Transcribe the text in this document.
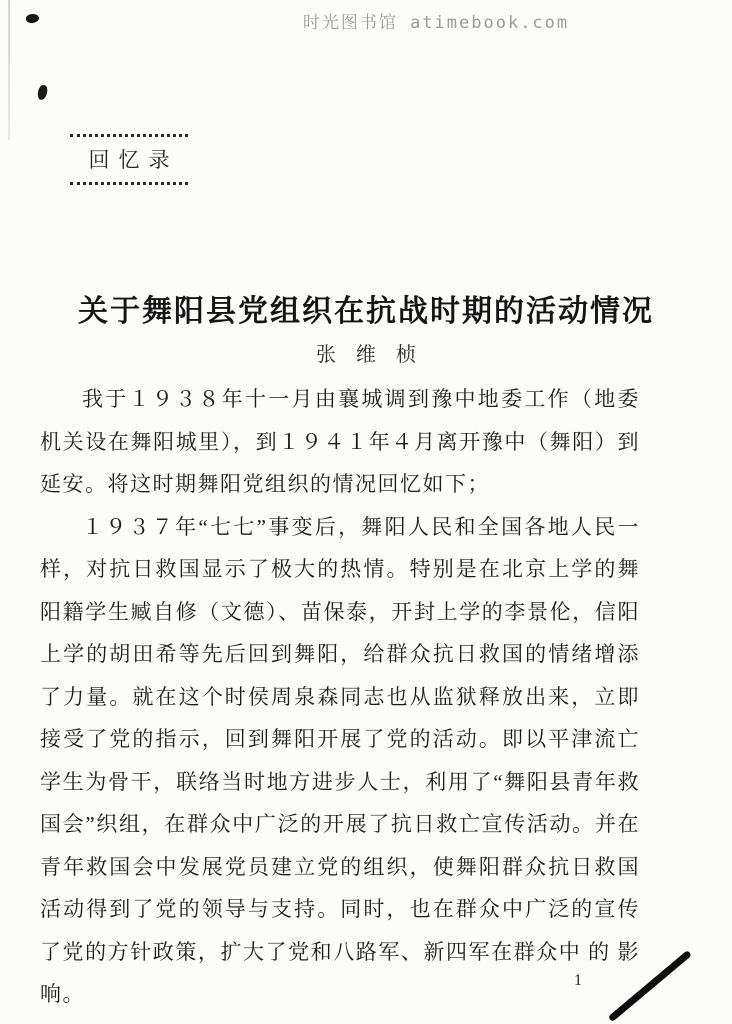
时光图书馆 atimebook.com
回忆录
关于舞阳县党组织在抗战时期的活动情况
张　维　桢

我于１９３８年十一月由襄城调到豫中地委工作（地委机关设在舞阳城里），到１９４１年４月离开豫中（舞阳）到延安。将这时期舞阳党组织的情况回忆如下；

１９３７年“七七”事变后，舞阳人民和全国各地人民一样，对抗日救国显示了极大的热情。特别是在北京上学的舞阳籍学生臧自修（文德）、苗保泰，开封上学的李景伦，信阳上学的胡田希等先后回到舞阳，给群众抗日救国的情绪增添了力量。就在这个时侯周泉森同志也从监狱释放出来，立即接受了党的指示，回到舞阳开展了党的活动。即以平津流亡学生为骨干，联络当时地方进步人士，利用了“舞阳县青年救国会”织组，在群众中广泛的开展了抗日救亡宣传活动。并在青年救国会中发展党员建立党的组织，使舞阳群众抗日救国活动得到了党的领导与支持。同时，也在群众中广泛的宣传了党的方针政策，扩大了党和八路军、新四军在群众中 的 影响。

1
